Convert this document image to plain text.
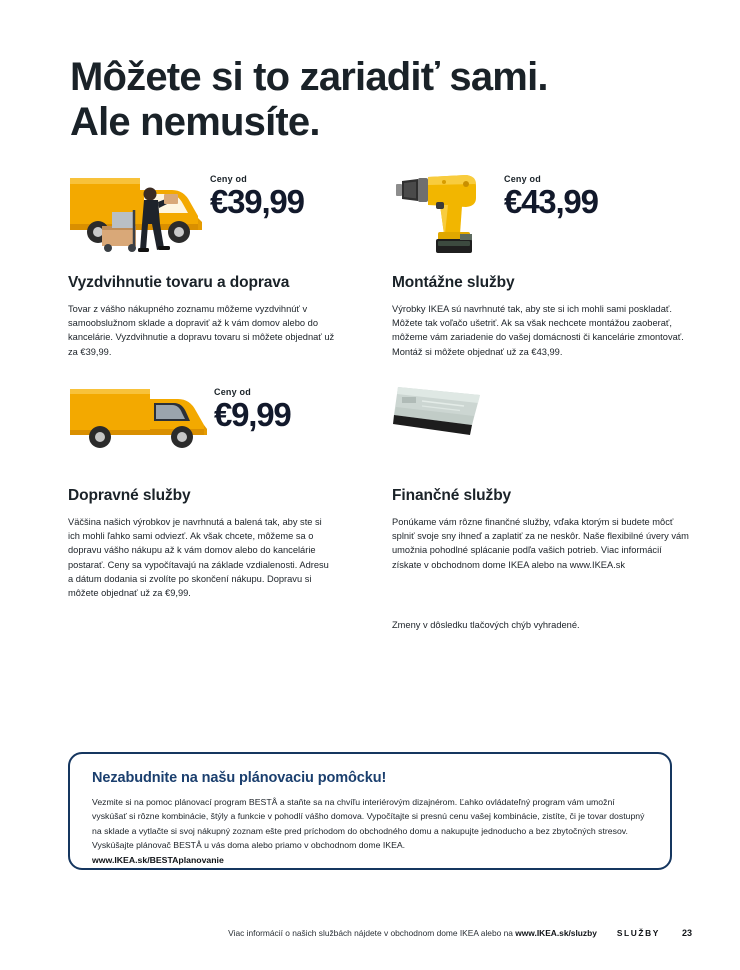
Môžete si to zariadiť sami.
Ale nemusíte.
Ceny od
€39,99
Vyzdvihnutie tovaru a doprava
Tovar z vášho nákupného zoznamu môžeme vyzdvihnúť v samoobslužnom sklade a dopraviť až k vám domov alebo do kancelárie. Vyzdvihnutie a dopravu tovaru si môžete objednať už za €39,99.
Ceny od
€43,99
Montážne služby
Výrobky IKEA sú navrhnuté tak, aby ste si ich mohli sami poskladať. Môžete tak voľačo ušetriť. Ak sa však nechcete montážou zaoberať, môžeme vám zariadenie do vašej domácnosti či kancelárie zmontovať. Montáž si môžete objednať už za €43,99.
Ceny od
€9,99
Dopravné služby
Väčšina našich výrobkov je navrhnutá a balená tak, aby ste si ich mohli ľahko sami odviezť. Ak však chcete, môžeme sa o dopravu vášho nákupu až k vám domov alebo do kancelárie postarať. Ceny sa vypočítavajú na základe vzdialenosti. Adresu a dátum dodania si zvolíte po skončení nákupu. Dopravu si môžete objednať už za €9,99.
Finančné služby
Ponúkame vám rôzne finančné služby, vďaka ktorým si budete môcť splniť svoje sny ihneď a zaplatiť za ne neskôr. Naše flexibilné úvery vám umožnia pohodlné splácanie podľa vašich potrieb. Viac informácií získate v obchodnom dome IKEA alebo na www.IKEA.sk
Zmeny v dôsledku tlačových chýb vyhradené.
Nezabudnite na našu plánovaciu pomôcku!
Vezmite si na pomoc plánovací program BESTÅ a staňte sa na chvíľu interiérovým dizajnérom. Ľahko ovládateľný program vám umožní vyskúšať si rôzne kombinácie, štýly a funkcie v pohodlí vášho domova. Vypočítajte si presnú cenu vašej kombinácie, zistíte, či je tovar dostupný na sklade a vytlačte si svoj nákupný zoznam ešte pred príchodom do obchodného domu a nakupujte jednoducho a bez zbytočných stresov. Vyskúšajte plánovač BESTÅ u vás doma alebo priamo v obchodnom dome IKEA.
www.IKEA.sk/BESTAplanovanie
Viac informácií o našich službách nájdete v obchodnom dome IKEA alebo na www.IKEA.sk/sluzby SLUŽBY 23
